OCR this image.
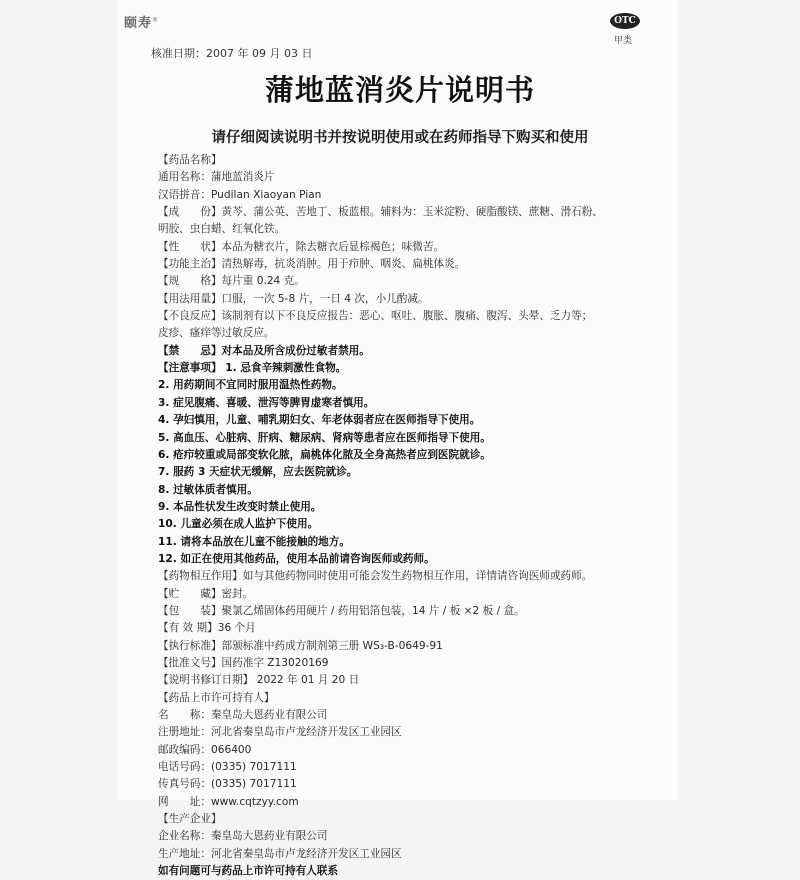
颐寿®	OTC
甲类
核准日期：2007 年 09 月 03 日
蒲地蓝消炎片说明书
请仔细阅读说明书并按说明使用或在药师指导下购买和使用
【药品名称】
通用名称：蒲地蓝消炎片
汉语拼音：Pudilan Xiaoyan Pian
【成　　份】黄芩、蒲公英、苦地丁、板蓝根。辅料为：玉米淀粉、硬脂酸镁、蔗糖、滑石粉、
明胶、虫白蜡、红氧化铁。
【性　　状】本品为糖衣片，除去糖衣后显棕褐色；味微苦。
【功能主治】清热解毒，抗炎消肿。用于疖肿、咽炎、扁桃体炎。
【规　　格】每片重 0.24 克。
【用法用量】口服，一次 5-8 片，一日 4 次，小儿酌减。
【不良反应】该制剂有以下不良反应报告：恶心、呕吐、腹胀、腹痛、腹泻、头晕、乏力等；
皮疹、瘙痒等过敏反应。
【禁　　忌】对本品及所含成份过敏者禁用。
【注意事项】 1. 忌食辛辣刺激性食物。
2. 用药期间不宜同时服用温热性药物。
3. 症见腹痛、喜暖、泄泻等脾胃虚寒者慎用。
4. 孕妇慎用，儿童、哺乳期妇女、年老体弱者应在医师指导下使用。
5. 高血压、心脏病、肝病、糖尿病、肾病等患者应在医师指导下使用。
6. 疮疖较重或局部变软化脓，扁桃体化脓及全身高热者应到医院就诊。
7. 服药 3 天症状无缓解，应去医院就诊。
8. 过敏体质者慎用。
9. 本品性状发生改变时禁止使用。
10. 儿童必须在成人监护下使用。
11. 请将本品放在儿童不能接触的地方。
12. 如正在使用其他药品，使用本品前请咨询医师或药师。
【药物相互作用】如与其他药物同时使用可能会发生药物相互作用，详情请咨询医师或药师。
【贮　　藏】密封。
【包　　装】聚氯乙烯固体药用硬片 / 药用铝箔包装，14 片 / 板 ×2 板 / 盒。
【有 效 期】36 个月
【执行标准】部颁标准中药成方制剂第三册 WS₃-B-0649-91
【批准文号】国药准字 Z13020169
【说明书修订日期】 2022 年 01 月 20 日
【药品上市许可持有人】
名　　称：秦皇岛大恩药业有限公司
注册地址：河北省秦皇岛市卢龙经济开发区工业园区
邮政编码：066400
电话号码：(0335) 7017111
传真号码：(0335) 7017111
网　　址：www.cqtzyy.com
【生产企业】
企业名称：秦皇岛大恩药业有限公司
生产地址：河北省秦皇岛市卢龙经济开发区工业园区
如有问题可与药品上市许可持有人联系
